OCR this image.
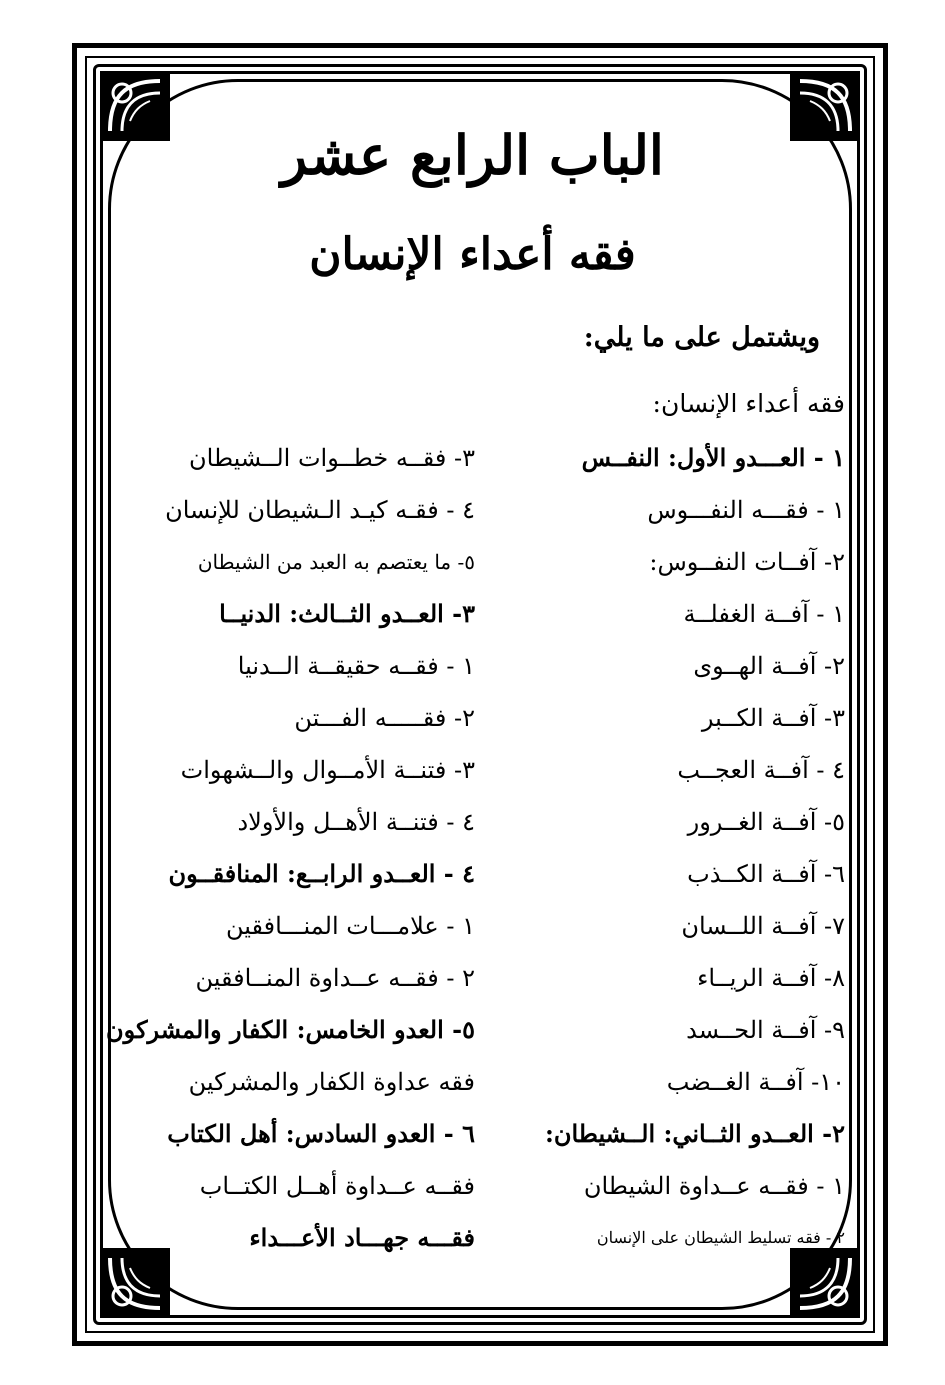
الباب الرابع عشر
فقه أعداء الإنسان
ويشتمل على ما يلي:
فقه أعداء الإنسان:
١ - العـــدو الأول: النفــس
١ - فقـــه النفـــوس
٢- آفــات النفــوس:
١ - آفــة الغفلــة
٢- آفــة الهــوى
٣- آفــة الكــبر
٤ - آفــة العجــب
٥- آفــة الغــرور
٦- آفــة الكــذب
٧- آفــة اللــسان
٨- آفــة الريــاء
٩- آفــة الحــسد
١٠- آفــة الغــضب
٢- العــدو الثــاني: الــشيطان:
١ - فقــه عــداوة الشيطان
٢ - فقه تسليط الشيطان على الإنسان
٣- فقــه خطــوات الــشيطان
٤ - فقـه كيـد الـشيطان للإنسان
٥- ما يعتصم به العبد من الشيطان
٣- العــدو الثــالث: الدنيــا
١ - فقــه حقيقــة الــدنيا
٢- فقـــــه الفـــتن
٣- فتنــة الأمــوال والــشهوات
٤ - فتنــة الأهــل والأولاد
٤ - العــدو الرابــع: المنافقــون
١ - علامـــات المنـــافقين
٢ - فقــه عــداوة المنــافقين
٥- العدو الخامس: الكفار والمشركون
فقه عداوة الكفار والمشركين
٦ - العدو السادس: أهل الكتاب
فقــه عــداوة أهــل الكتــاب
فقـــه جهـــاد الأعـــداء
